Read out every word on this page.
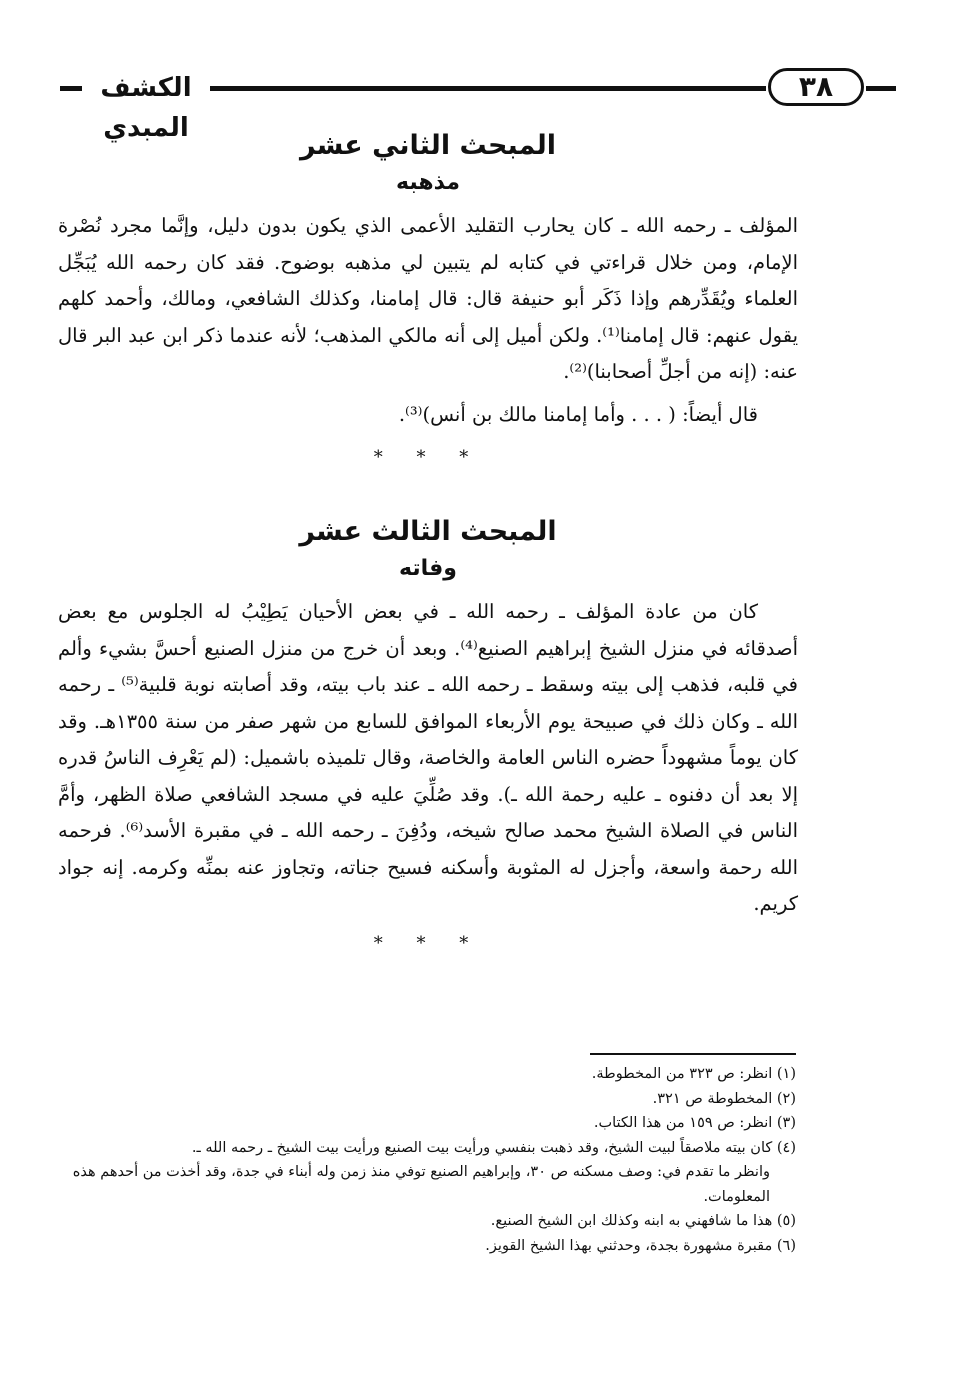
الكشف المبدي
٣٨
المبحث الثاني عشر
مذهبه

المؤلف ـ رحمه الله ـ كان يحارب التقليد الأعمى الذي يكون بدون دليل، وإنَّما مجرد نُصْرة الإمام، ومن خلال قراءتي في كتابه لم يتبين لي مذهبه بوضوح. فقد كان رحمه الله يُبَجِّل العلماء ويُقَدِّرهم وإذا ذَكَر أبو حنيفة قال: قال إمامنا، وكذلك الشافعي، ومالك، وأحمد كلهم يقول عنهم: قال إمامنا⁽¹⁾. ولكن أميل إلى أنه مالكي المذهب؛ لأنه عندما ذكر ابن عبد البر قال عنه: (إنه من أجلِّ أصحابنا)⁽²⁾.

قال أيضاً: ( . . . وأما إمامنا مالك بن أنس)⁽³⁾.

* * *

المبحث الثالث عشر
وفاته

كان من عادة المؤلف ـ رحمه الله ـ في بعض الأحيان يَطِيْبُ له الجلوس مع بعض أصدقائه في منزل الشيخ إبراهيم الصنيع⁽⁴⁾. وبعد أن خرج من منزل الصنيع أحسَّ بشيء وألم في قلبه، فذهب إلى بيته وسقط ـ رحمه الله ـ عند باب بيته، وقد أصابته نوبة قلبية⁽⁵⁾ ـ رحمه الله ـ وكان ذلك في صبيحة يوم الأربعاء الموافق للسابع من شهر صفر من سنة ١٣٥٥هـ. وقد كان يوماً مشهوداً حضره الناس العامة والخاصة، وقال تلميذه باشميل: (لم يَعْرِف الناسُ قدره إلا بعد أن دفنوه ـ عليه رحمة الله ـ). وقد صُلِّيَ عليه في مسجد الشافعي صلاة الظهر، وأمَّ الناس في الصلاة الشيخ محمد صالح شيخه، ودُفِنَ ـ رحمه الله ـ في مقبرة الأسد⁽⁶⁾. فرحمه الله رحمة واسعة، وأجزل له المثوبة وأسكنه فسيح جناته، وتجاوز عنه بمنِّه وكرمه. إنه جواد كريم.

* * *

(١) انظر: ص ٣٢٣ من المخطوطة.

(٢) المخطوطة ص ٣٢١.

(٣) انظر: ص ١٥٩ من هذا الكتاب.

(٤) كان بيته ملاصقاً لبيت الشيخ، وقد ذهبت بنفسي ورأيت بيت الصنيع ورأيت بيت الشيخ ـ رحمه الله ـ.

وانظر ما تقدم في: وصف مسكنه ص ٣٠، وإبراهيم الصنيع توفي منذ زمن وله أبناء في جدة، وقد أخذت من أحدهم هذه المعلومات.

(٥) هذا ما شافهني به ابنه وكذلك ابن الشيخ الصنيع.

(٦) مقبرة مشهورة بجدة، وحدثني بهذا الشيخ القويز.
